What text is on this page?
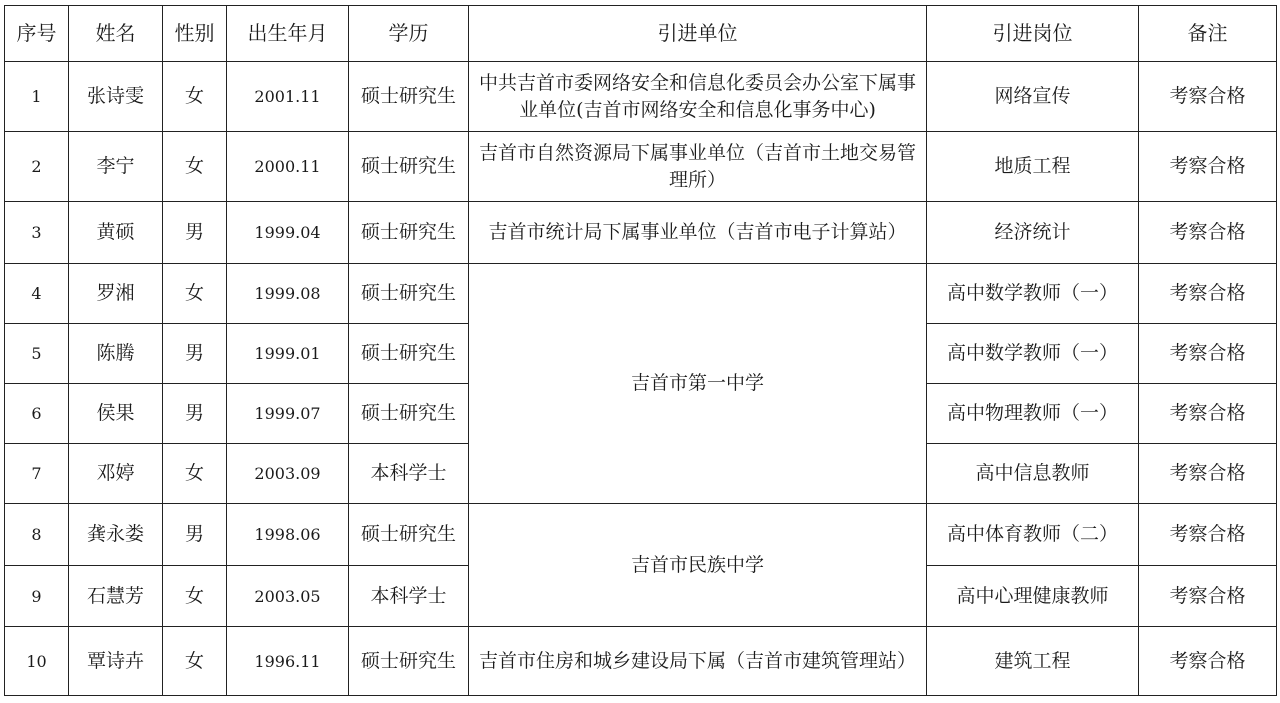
序号	姓名	性别	出生年月	学历	引进单位	引进岗位	备注
1	张诗雯	女	2001.11	硕士研究生	中共吉首市委网络安全和信息化委员会办公室下属事业单位(吉首市网络安全和信息化事务中心)	网络宣传	考察合格
2	李宁	女	2000.11	硕士研究生	吉首市自然资源局下属事业单位（吉首市土地交易管理所）	地质工程	考察合格
3	黄硕	男	1999.04	硕士研究生	吉首市统计局下属事业单位（吉首市电子计算站）	经济统计	考察合格
4	罗湘	女	1999.08	硕士研究生	吉首市第一中学	高中数学教师（一）	考察合格
5	陈腾	男	1999.01	硕士研究生		高中数学教师（一）	考察合格
6	侯果	男	1999.07	硕士研究生		高中物理教师（一）	考察合格
7	邓婷	女	2003.09	本科学士		高中信息教师	考察合格
8	龚永娄	男	1998.06	硕士研究生	吉首市民族中学	高中体育教师（二）	考察合格
9	石慧芳	女	2003.05	本科学士		高中心理健康教师	考察合格
10	覃诗卉	女	1996.11	硕士研究生	吉首市住房和城乡建设局下属（吉首市建筑管理站）	建筑工程	考察合格
